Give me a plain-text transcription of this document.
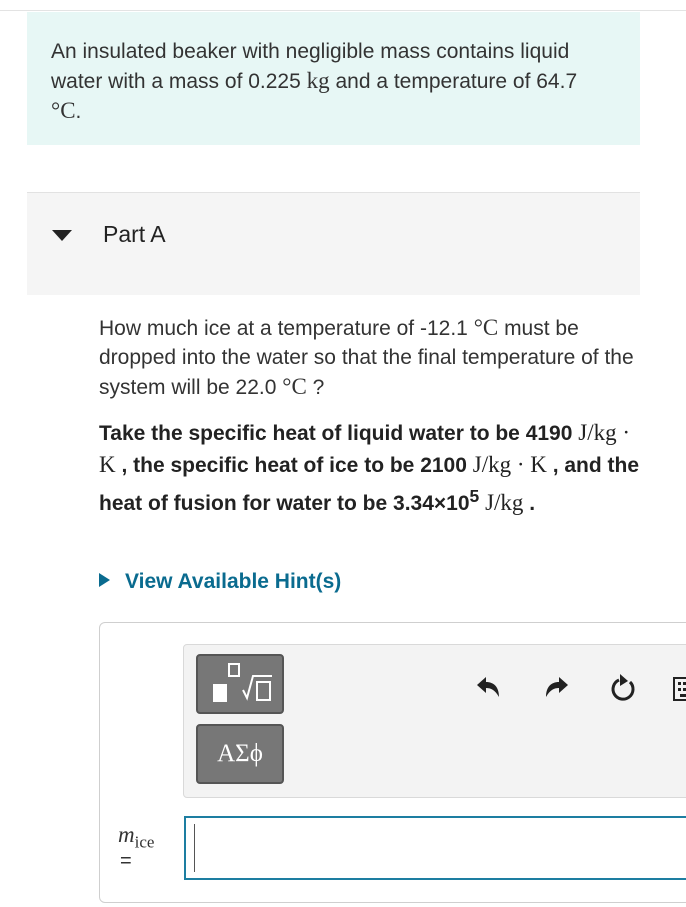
An insulated beaker with negligible mass contains liquid water with a mass of 0.225 kg and a temperature of 64.7 °C.
Part A
How much ice at a temperature of -12.1 °C must be dropped into the water so that the final temperature of the system will be 22.0 °C ?
Take the specific heat of liquid water to be 4190 J/kg · K , the specific heat of ice to be 2100 J/kg · K , and the heat of fusion for water to be $3.34\times 10^5$ J/kg .
View Available Hint(s)
ΑΣϕ
$m_{ice}$
=
